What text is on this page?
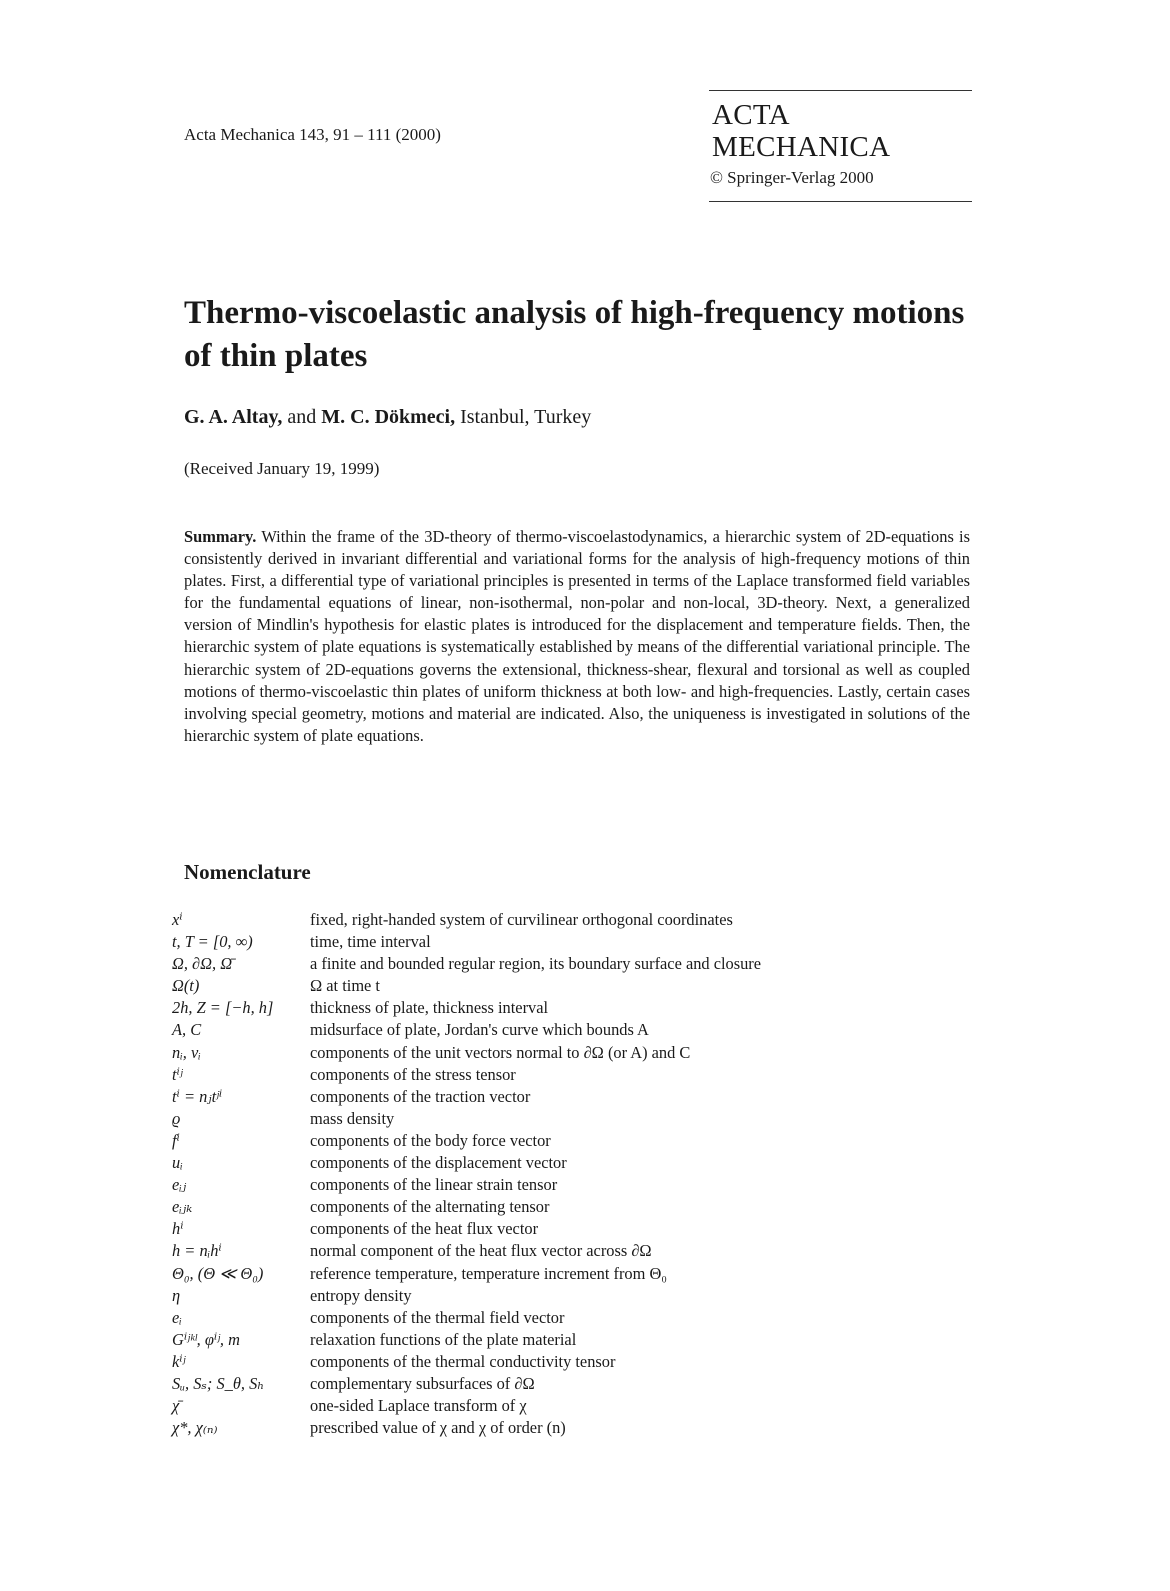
Acta Mechanica 143, 91 – 111 (2000)
ACTA MECHANICA
© Springer-Verlag 2000
Thermo-viscoelastic analysis of high-frequency motions of thin plates
G. A. Altay, and M. C. Dökmeci, Istanbul, Turkey
(Received January 19, 1999)

Summary. Within the frame of the 3D-theory of thermo-viscoelastodynamics, a hierarchic system of 2D-equations is consistently derived in invariant differential and variational forms for the analysis of high-frequency motions of thin plates. First, a differential type of variational principles is presented in terms of the Laplace transformed field variables for the fundamental equations of linear, non-isothermal, non-polar and non-local, 3D-theory. Next, a generalized version of Mindlin's hypothesis for elastic plates is introduced for the displacement and temperature fields. Then, the hierarchic system of plate equations is systematically established by means of the differential variational principle. The hierarchic system of 2D-equations governs the extensional, thickness-shear, flexural and torsional as well as coupled motions of thermo-viscoelastic thin plates of uniform thickness at both low- and high-frequencies. Lastly, certain cases involving special geometry, motions and material are indicated. Also, the uniqueness is investigated in solutions of the hierarchic system of plate equations.

Nomenclature
xⁱ	fixed, right-handed system of curvilinear orthogonal coordinates
t, T = [0, ∞)	time, time interval
Ω, ∂Ω, Ω̄	a finite and bounded regular region, its boundary surface and closure
Ω(t)	Ω at time t
2h, Z = [−h, h]	thickness of plate, thickness interval
A, C	midsurface of plate, Jordan's curve which bounds A
nᵢ, νᵢ	components of the unit vectors normal to ∂Ω (or A) and C
tⁱʲ	components of the stress tensor
tⁱ = nⱼtʲⁱ	components of the traction vector
ϱ	mass density
fⁱ	components of the body force vector
uᵢ	components of the displacement vector
eᵢⱼ	components of the linear strain tensor
eᵢⱼₖ	components of the alternating tensor
hⁱ	components of the heat flux vector
h = nᵢhⁱ	normal component of the heat flux vector across ∂Ω
Θ₀, (Θ ≪ Θ₀)	reference temperature, temperature increment from Θ₀
η	entropy density
eᵢ	components of the thermal field vector
Gⁱʲᵏˡ, φⁱʲ, m	relaxation functions of the plate material
kⁱʲ	components of the thermal conductivity tensor
Sᵤ, Sₛ; S_θ, Sₕ	complementary subsurfaces of ∂Ω
χ̄	one-sided Laplace transform of χ
χ*, χ₍ₙ₎	prescribed value of χ and χ of order (n)
